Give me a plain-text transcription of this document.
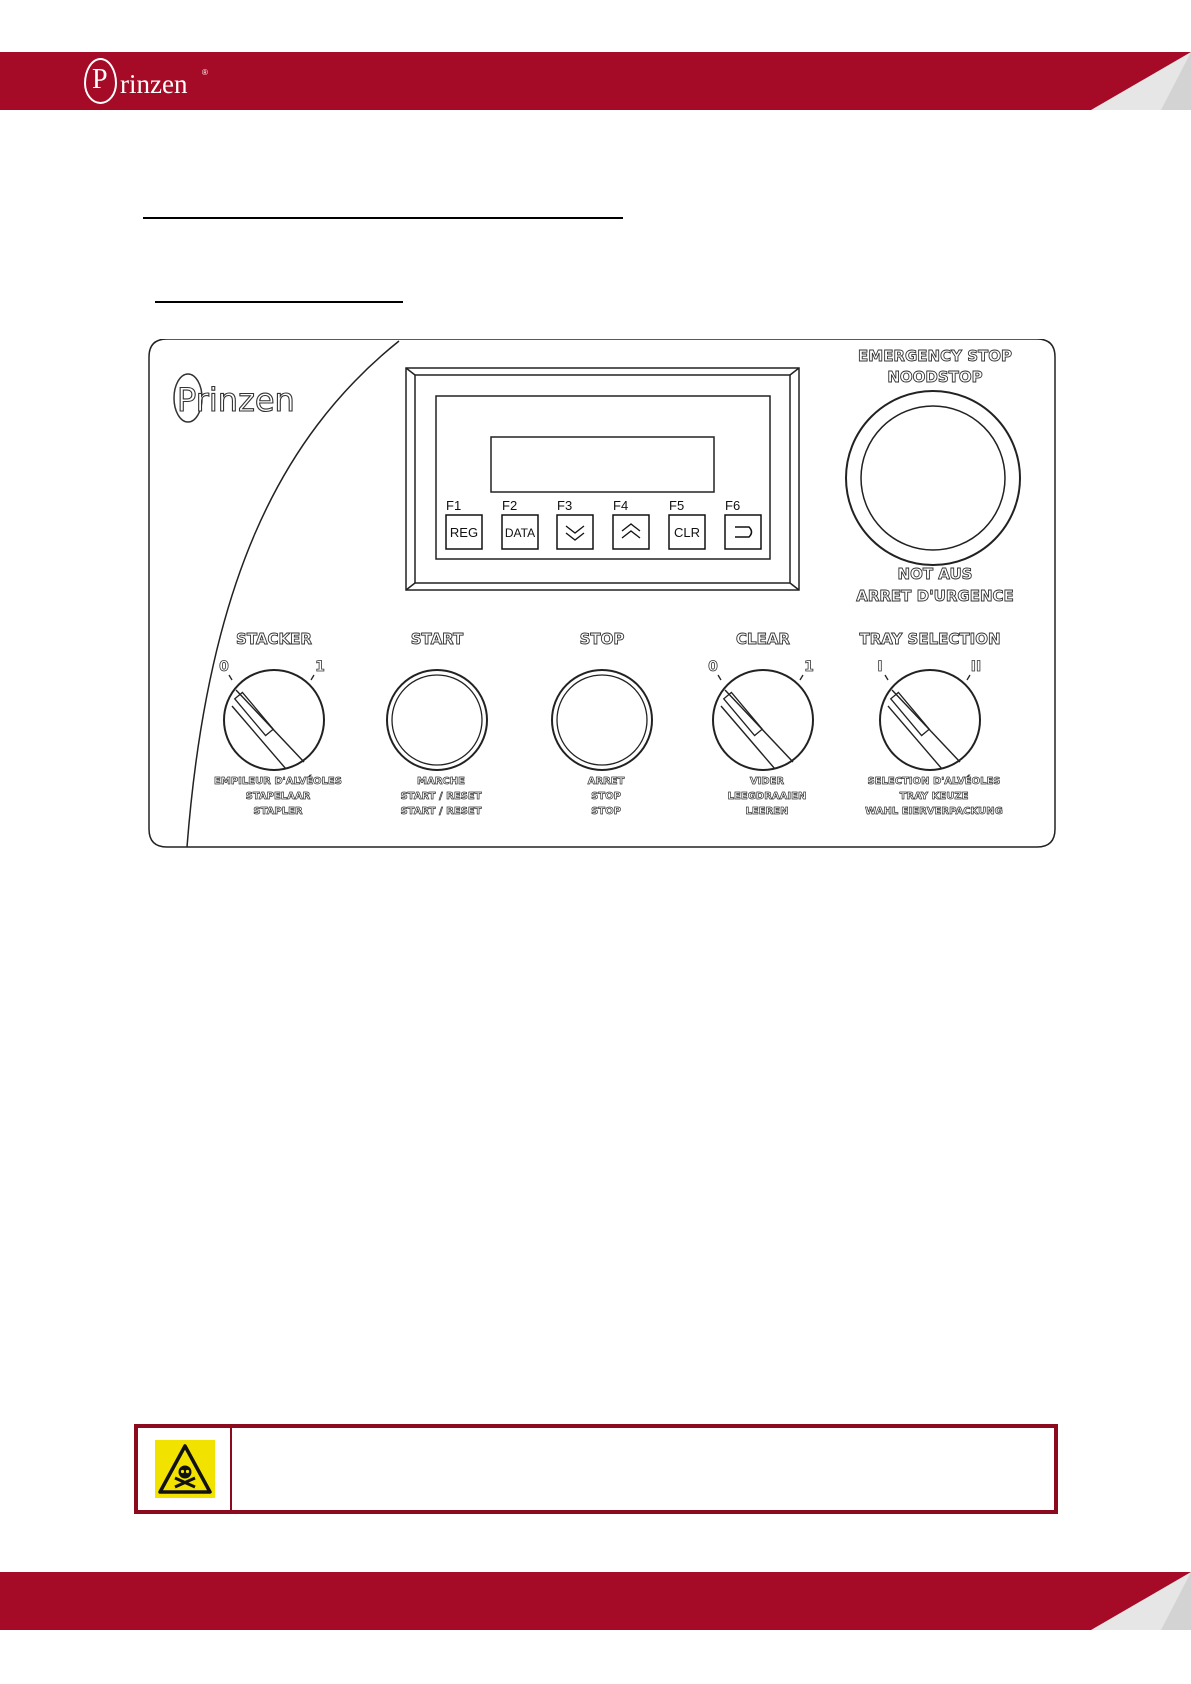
P rinzen ®
Prinzen
F1
REG
F2
DATA
F3	F4	F5
CLR
F6
EMERGENCY STOP
NOODSTOP
NOT AUS
ARRET D'URGENCE
STACKER
0	1
EMPILEUR D'ALVÉOLES
STAPELAAR
STAPLER
START
MARCHE
START / RESET
START / RESET
STOP
ARRET
STOP
STOP
CLEAR
0	1
VIDER
LEEGDRAAIEN
LEEREN
TRAY SELECTION
I	II
SELECTION D'ALVÉOLES
TRAY KEUZE
WAHL EIERVERPACKUNG
